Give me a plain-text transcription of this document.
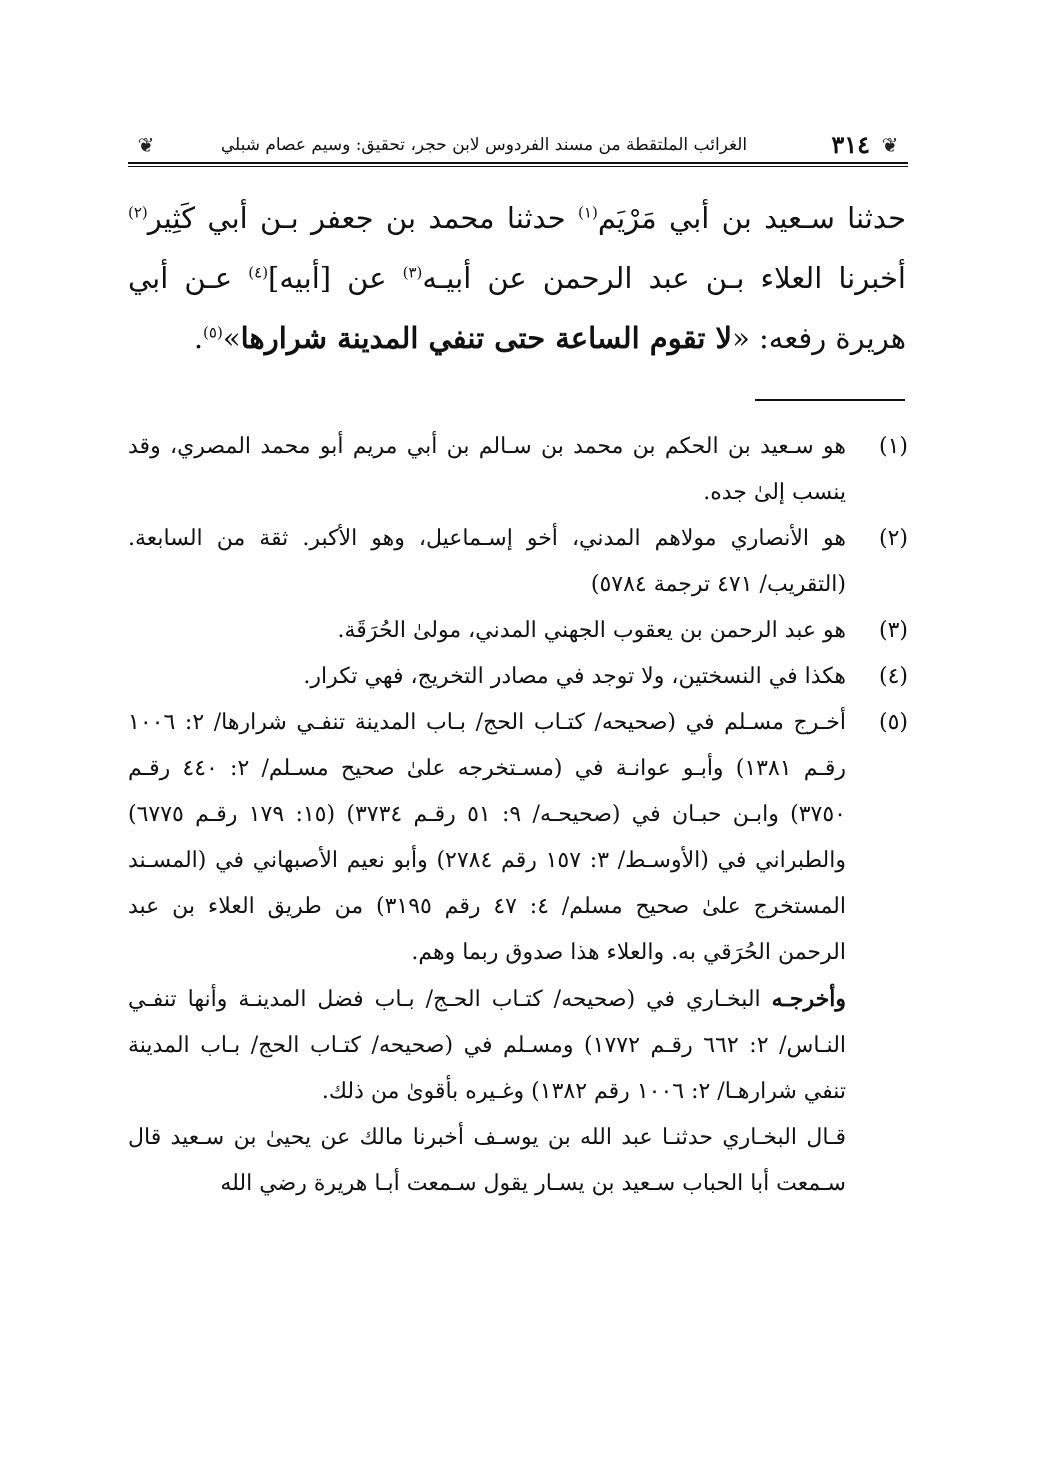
❦
٣١٤
الغرائب الملتقطة من مسند الفردوس لابن حجر، تحقيق: وسيم عصام شبلي
❦
حدثنا سـعيد بن أبي مَرْيَم$^{(١)}$ حدثنا محمد بن جعفر بـن أبي كَثِير$^{(٢)}$ أخبرنا العلاء بـن عبد الرحمن عن أبيـه$^{(٣)}$ عن [أبيه]$^{(٤)}$ عـن أبي هريرة رفعه: «لا تقوم الساعة حتى تنفي المدينة شرارها»$^{(٥)}$.
(١)
هو سـعيد بن الحكم بن محمد بن سـالم بن أبي مريم أبو محمد المصري، وقد ينسب إلىٰ جده.
(٢)
هو الأنصاري مولاهم المدني، أخو إسـماعيل، وهو الأكبر. ثقة من السابعة. (التقريب/ ٤٧١ ترجمة ٥٧٨٤)
(٣)
هو عبد الرحمن بن يعقوب الجهني المدني، مولىٰ الحُرَقَة.
(٤)
هكذا في النسختين، ولا توجد في مصادر التخريج، فهي تكرار.
(٥)
أخـرج مسـلم في (صحيحه/ كتـاب الحج/ بـاب المدينة تنفـي شرارها/ ٢: ١٠٠٦ رقـم ١٣٨١) وأبـو عوانـة في (مسـتخرجه علىٰ صحيح مسـلم/ ٢: ٤٤٠ رقـم ٣٧٥٠) وابـن حبـان في (صحيحـه/ ٩: ٥١ رقـم ٣٧٣٤) (١٥: ١٧٩ رقـم ٦٧٧٥) والطبراني في (الأوسـط/ ٣: ١٥٧ رقم ٢٧٨٤) وأبو نعيم الأصبهاني في (المسـند المستخرج علىٰ صحيح مسلم/ ٤: ٤٧ رقم ٣١٩٥) من طريق العلاء بن عبد الرحمن الحُرَقي به. والعلاء هذا صدوق ربما وهم.
وأخرجـه البخـاري في (صحيحه/ كتـاب الحـج/ بـاب فضل المدينـة وأنها تنفـي النـاس/ ٢: ٦٦٢ رقـم ١٧٧٢) ومسـلم في (صحيحه/ كتـاب الحج/ بـاب المدينة تنفي شرارهـا/ ٢: ١٠٠٦ رقم ١٣٨٢) وغـيره بأقوىٰ من ذلك.
قـال البخـاري حدثنـا عبد الله بن يوسـف أخبرنا مالك عن يحيىٰ بن سـعيد قال سـمعت أبا الحباب سـعيد بن يسـار يقول سـمعت أبـا هريرة رضي الله
